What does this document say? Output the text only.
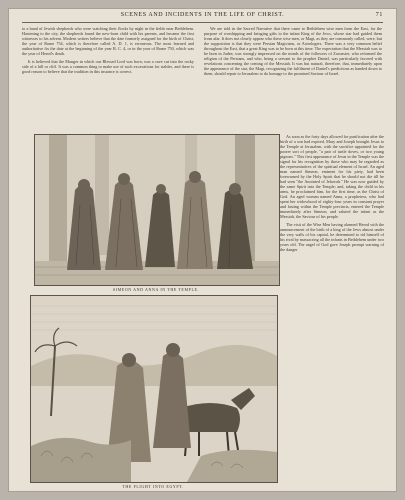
SCENES AND INCIDENTS IN THE LIFE OF CHRIST.	71

to a band of Jewish shepherds who were watching their flocks by night in the fields near Bethlehem. Hastening to the city, the shepherds found the new-born child with his parents, and became the first witnesses to his advent. Modern writers believe that the date formerly assigned for the birth of Christ, the year of Rome 754, which is therefore called A. D. 1, is erroneous. The most learned and authoritative fix the date at the beginning of the year B. C. 4, or in the year of Rome 750, which was the year of Herod's death.

It is believed that the Manger in which our Blessed Lord was born, was a cave cut into the rocky side of a hill or cliff. It was a common thing to make use of such excavations for stables, and there is good reason to believe that the tradition in this instance is correct.

We are told in the Sacred Narrative that there came to Bethlehem wise men from the East, for the purpose of worshipping and bringing gifts to the infant King of the Jews, whose star had guided them from afar. It does not clearly appear who these wise men, or Magi, as they are commonly called, were, but the supposition is that they were Persian Magicians, or Astrologers. There was a very common belief throughout the East, that a great King was to be born at this time. The expectation that the Messiah was to be born in Judea, was strongly impressed on the minds of the followers of Zoroaster, who reformed the religion of the Persians, and who, being a servant to the prophet Daniel, was particularly favored with revelations concerning the coming of the Messiah. It was but natural, therefore, that, immediately upon the appearance of the star, the Magi, recognizing the fulfilment of Daniel's predictions as handed down to them, should repair to Jerusalem to do homage to the promised Saviour of Israel.

SIMEON AND ANNA IN THE TEMPLE.

As soon as the forty days allowed for purification after the birth of a son had expired, Mary and Joseph brought Jesus to the Temple at Jerusalem, with the sacrifice appointed for the poorer sort of people, "a pair of turtle doves, or two young pigeons." This first appearance of Jesus in the Temple was the signal for his recognition by those who may be regarded as the representatives of the spiritual element of Israel. An aged man named Simeon, eminent for his piety, had been forewarned by the Holy Spirit that he should not die till he had seen "the Anointed of Jehovah." He was now guided by the same Spirit into the Temple; and, taking the child in his arms, he proclaimed him, for the first time, as the Christ of God. An aged woman named Anna, a prophetess, who had spent her widowhood of eighty-four years in constant prayer and fasting within the Temple precincts, entered the Temple immediately after Simeon, and saluted the infant as the Messiah, the Saviour of his people.

The visit of the Wise Men having alarmed Herod with the announcement of the birth of a king of the Jews almost under the very walls of his capital, he determined to rid himself of his rival by massacring all the infants in Bethlehem under two years old. The angel of God gave Joseph prompt warning of the danger

THE FLIGHT INTO EGYPT.
